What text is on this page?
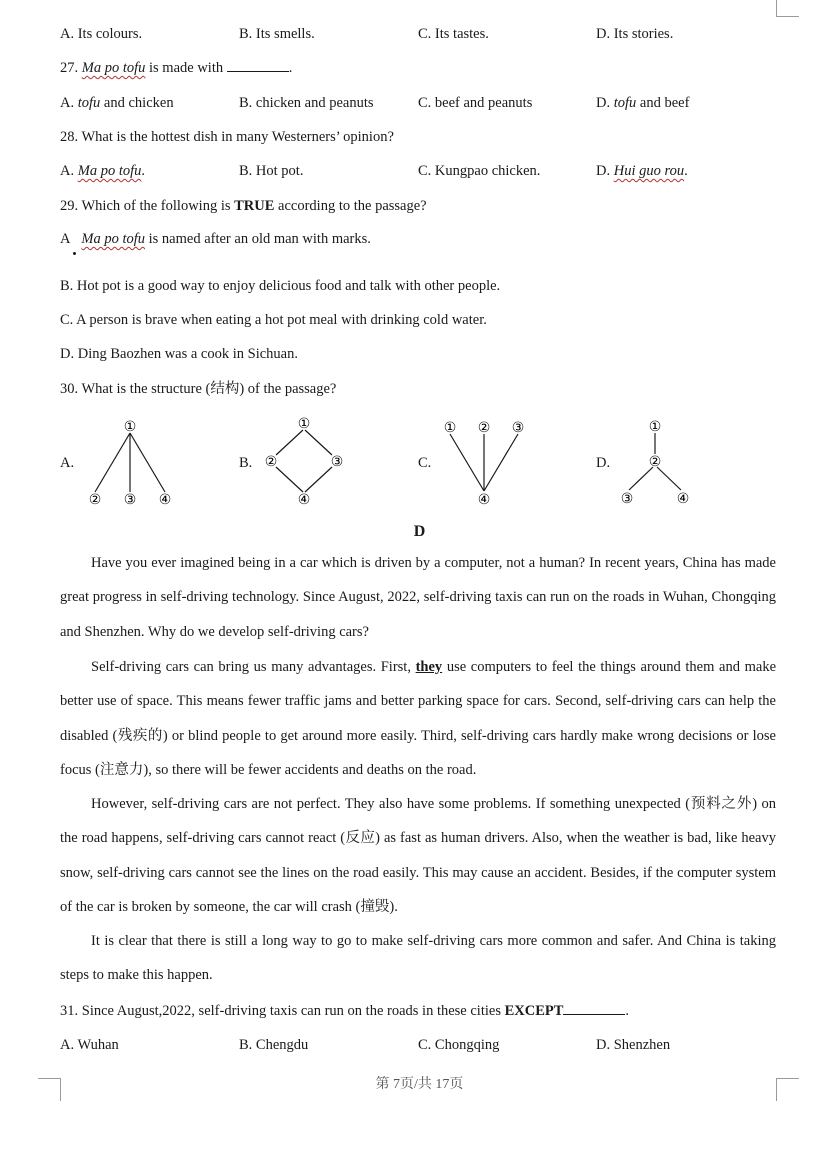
A. Its colours.	B. Its smells.	C. Its tastes.	D. Its stories.
27. Ma po tofu is made with	.
A. tofu and chicken	B. chicken and peanuts	C. beef and peanuts	D. tofu and beef
28. What is the hottest dish in many Westerners’ opinion?
A. Ma po tofu.	B. Hot pot.	C. Kungpao chicken.	D. Hui guo rou.
29. Which of the following is TRUE according to the passage?
A Ma po tofu is named after an old man with marks.
B. Hot pot is a good way to enjoy delicious food and talk with other people.
C. A person is brave when eating a hot pot meal with drinking cold water.
D. Ding Baozhen was a cook in Sichuan.
30. What is the structure (结构) of the passage?
A.	B.	C.	D.
①
② ③ ④
①
②	③
④
① ② ③
④
①
②
③	④
D
Have you ever imagined being in a car which is driven by a computer, not a human? In recent years, China has made great progress in self-driving technology. Since August, 2022, self-driving taxis can run on the roads in Wuhan, Chongqing and Shenzhen. Why do we develop self-driving cars?
Self-driving cars can bring us many advantages. First, they use computers to feel the things around them and make better use of space. This means fewer traffic jams and better parking space for cars. Second, self-driving cars can help the disabled (残疾的) or blind people to get around more easily. Third, self-driving cars hardly make wrong decisions or lose focus (注意力), so there will be fewer accidents and deaths on the road.
However, self-driving cars are not perfect. They also have some problems. If something unexpected (预料之外) on the road happens, self-driving cars cannot react (反应) as fast as human drivers. Also, when the weather is bad, like heavy snow, self-driving cars cannot see the lines on the road easily. This may cause an accident. Besides, if the computer system of the car is broken by someone, the car will crash (撞毁).
It is clear that there is still a long way to go to make self-driving cars more common and safer. And China is taking steps to make this happen.
31. Since August,2022, self-driving taxis can run on the roads in these cities EXCEPT	.
A. Wuhan	B. Chengdu	C. Chongqing	D. Shenzhen
第 7页/共 17页
